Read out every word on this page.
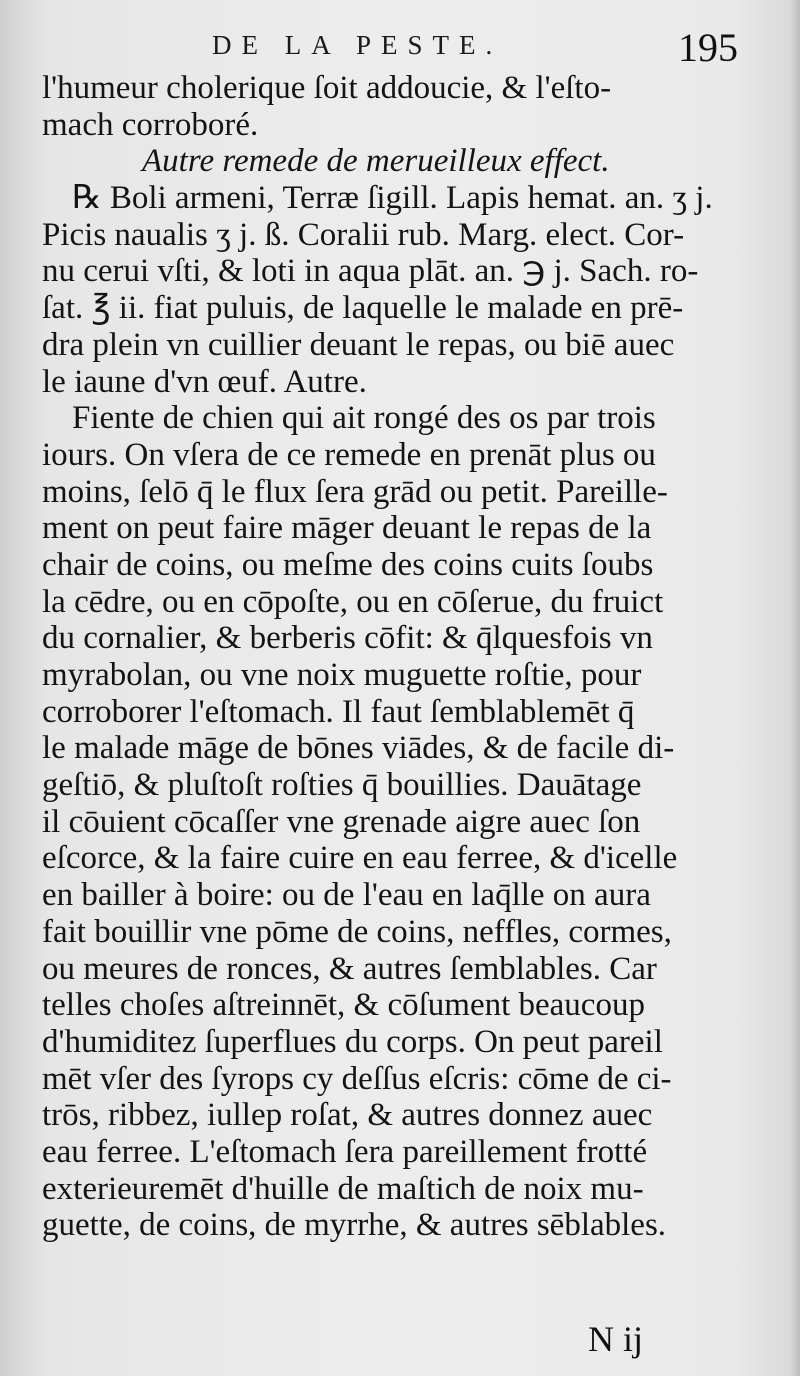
DE LA PESTE.	195
l'humeur cholerique ſoit addoucie, & l'eſto-
mach corroboré.
Autre remede de merueilleux effect.
℞ Boli armeni, Terræ ſigill. Lapis hemat. an. ʒ j.
Picis naualis ʒ j. ß. Coralii rub. Marg. elect. Cor-
nu cerui vſti, & loti in aqua plāt. an. ℈ j. Sach. ro-
ſat. ℥ ii. fiat puluis, de laquelle le malade en prē-
dra plein vn cuillier deuant le repas, ou biē auec
le iaune d'vn œuf. Autre.
Fiente de chien qui ait rongé des os par trois
iours. On vſera de ce remede en prenāt plus ou
moins, ſelō q̄ le flux ſera grād ou petit. Pareille-
ment on peut faire māger deuant le repas de la
chair de coins, ou meſme des coins cuits ſoubs
la cēdre, ou en cōpoſte, ou en cōſerue, du fruict
du cornalier, & berberis cōfit: & q̄lquesfois vn
myrabolan, ou vne noix muguette roſtie, pour
corroborer l'eſtomach. Il faut ſemblablemēt q̄
le malade māge de bōnes viādes, & de facile di-
geſtiō, & pluſtoſt roſties q̄ bouillies. Dauātage
il cōuient cōcaſſer vne grenade aigre auec ſon
eſcorce, & la faire cuire en eau ferree, & d'icelle
en bailler à boire: ou de l'eau en laq̄lle on aura
fait bouillir vne pōme de coins, neffles, cormes,
ou meures de ronces, & autres ſemblables. Car
telles choſes aſtreinnēt, & cōſument beaucoup
d'humiditez ſuperflues du corps. On peut pareil
mēt vſer des ſyrops cy deſſus eſcris: cōme de ci-
trōs, ribbez, iullep roſat, & autres donnez auec
eau ferree. L'eſtomach ſera pareillement frotté
exterieuremēt d'huille de maſtich de noix mu-
guette, de coins, de myrrhe, & autres sēblables.
N ij
